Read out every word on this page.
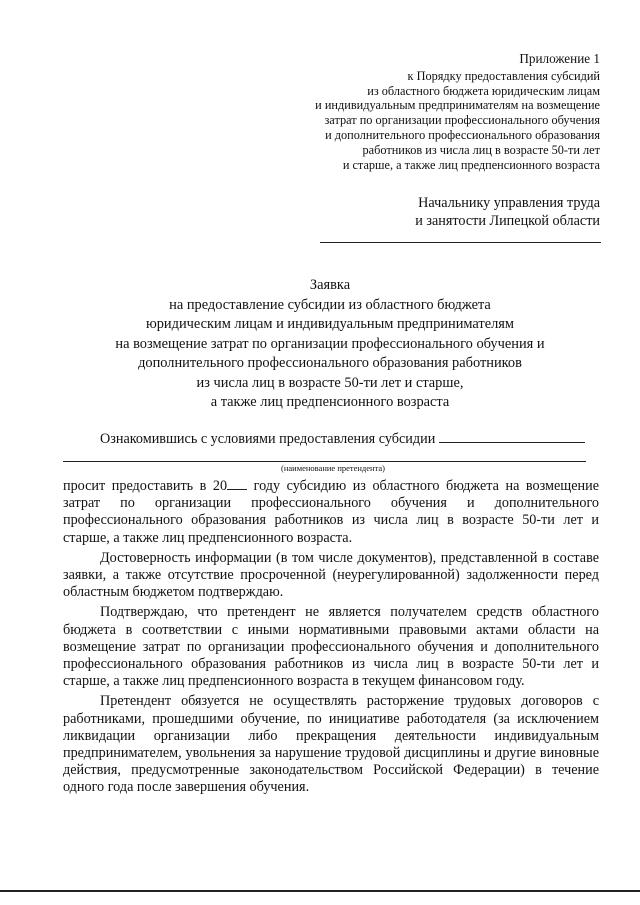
Приложение 1
к Порядку предоставления субсидий
из областного бюджета юридическим лицам
и индивидуальным предпринимателям на возмещение
затрат по организации профессионального обучения
и дополнительного профессионального образования
работников из числа лиц в возрасте 50-ти лет
и старше, а также лиц предпенсионного возраста
Начальнику управления труда
и занятости Липецкой области
Заявка
на предоставление субсидии из областного бюджета
юридическим лицам и индивидуальным предпринимателям
на возмещение затрат по организации профессионального обучения и
дополнительного профессионального образования работников
из числа лиц в возрасте 50-ти лет и старше,
а также лиц предпенсионного возраста
Ознакомившись с условиями предоставления субсидии
(наименование претендента)

просит предоставить в 20 году субсидию из областного бюджета на возмещение затрат по организации профессионального обучения и дополнительного профессионального образования работников из числа лиц в возрасте 50-ти лет и старше, а также лиц предпенсионного возраста.

Достоверность информации (в том числе документов), представленной в составе заявки, а также отсутствие просроченной (неурегулированной) задолженности перед областным бюджетом подтверждаю.

Подтверждаю, что претендент не является получателем средств областного бюджета в соответствии с иными нормативными правовыми актами области на возмещение затрат по организации профессионального обучения и дополнительного профессионального образования работников из числа лиц в возрасте 50-ти лет и старше, а также лиц предпенсионного возраста в текущем финансовом году.

Претендент обязуется не осуществлять расторжение трудовых договоров с работниками, прошедшими обучение, по инициативе работодателя (за исключением ликвидации организации либо прекращения деятельности индивидуальным предпринимателем, увольнения за нарушение трудовой дисциплины и другие виновные действия, предусмотренные законодательством Российской Федерации) в течение одного года после завершения обучения.
